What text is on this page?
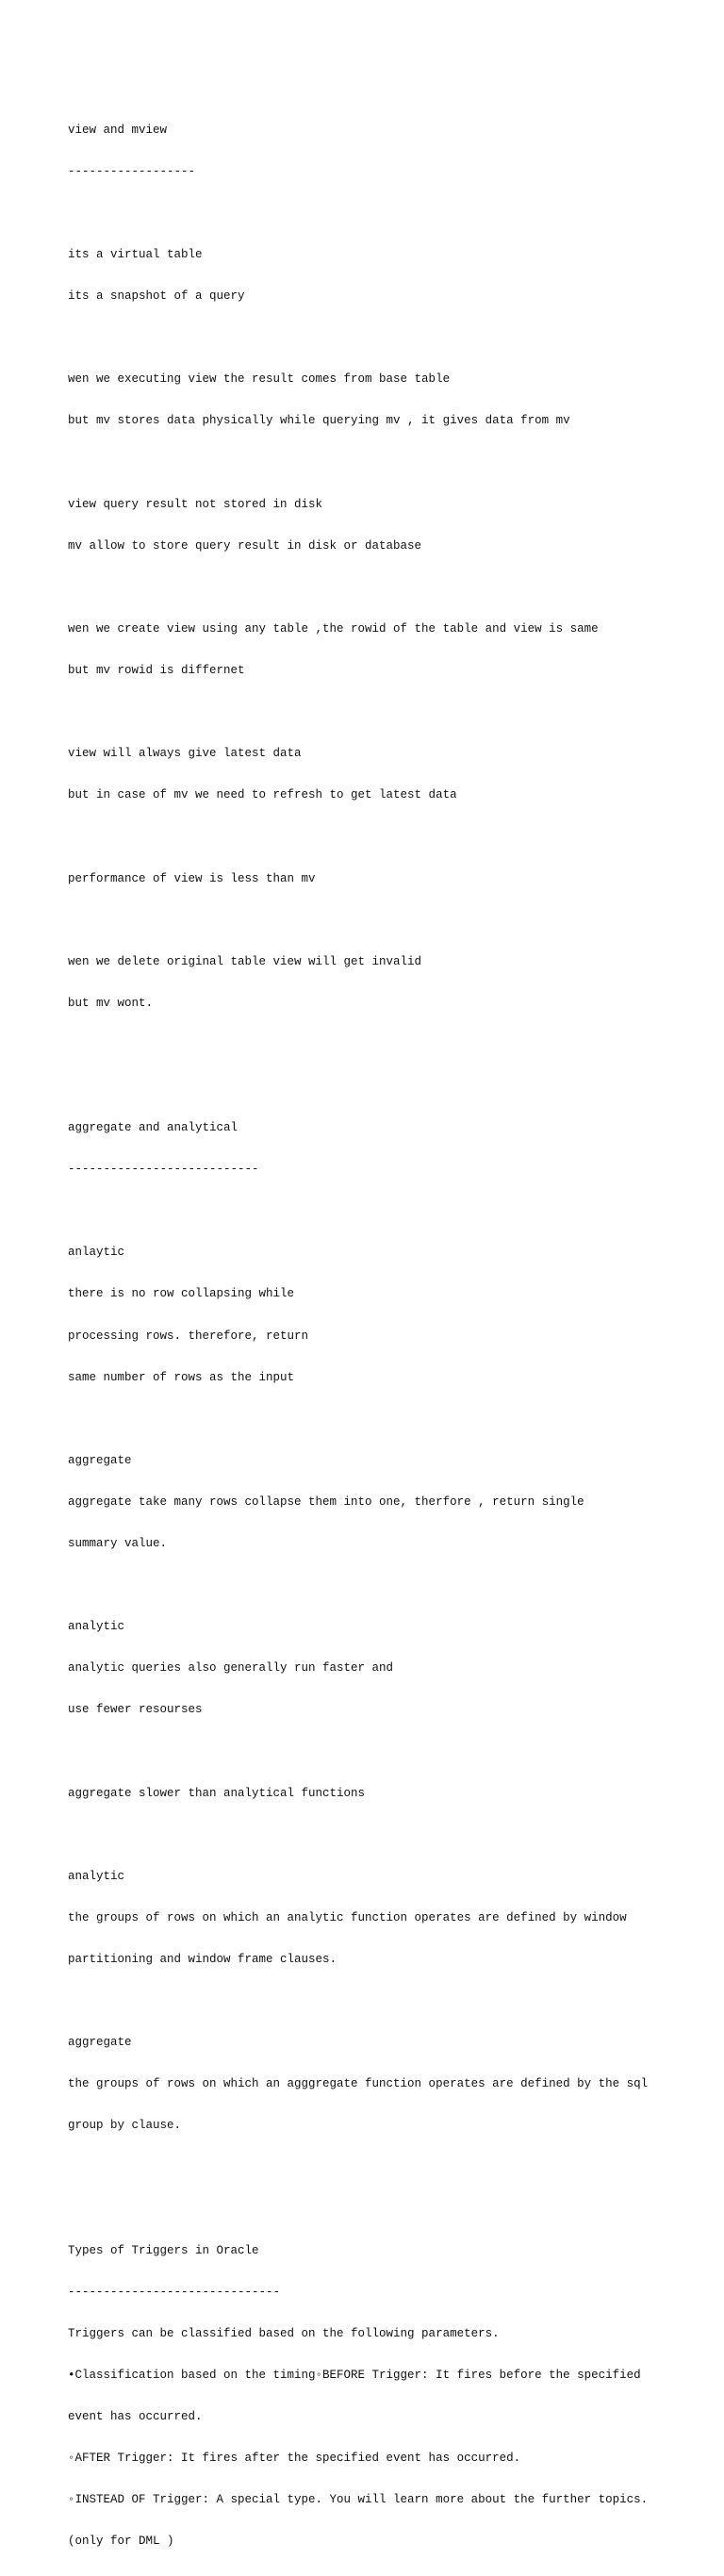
view and mview

------------------

its a virtual table

its a snapshot of a query

wen we executing view the result comes from base table

but mv stores data physically while querying mv , it gives data from mv

view query result not stored in disk

mv allow to store query result in disk or database

wen we create view using any table ,the rowid of the table and view is same

but mv rowid is differnet

view will always give latest data

but in case of mv we need to refresh to get latest data

performance of view is less than mv

wen we delete original table view will get invalid

but mv wont.

aggregate and analytical

---------------------------

anlaytic

there is no row collapsing while

processing rows. therefore, return

same number of rows as the input

aggregate

aggregate take many rows collapse them into one, therfore , return single

summary value.

analytic

analytic queries also generally run faster and

use fewer resourses

aggregate slower than analytical functions

analytic

the groups of rows on which an analytic function operates are defined by window

partitioning and window frame clauses.

aggregate

the groups of rows on which an agggregate function operates are defined by the sql

group by clause.

Types of Triggers in Oracle

------------------------------

Triggers can be classified based on the following parameters.

•Classification based on the timing◦BEFORE Trigger: It fires before the specified

event has occurred.

◦AFTER Trigger: It fires after the specified event has occurred.

◦INSTEAD OF Trigger: A special type. You will learn more about the further topics.

(only for DML )
